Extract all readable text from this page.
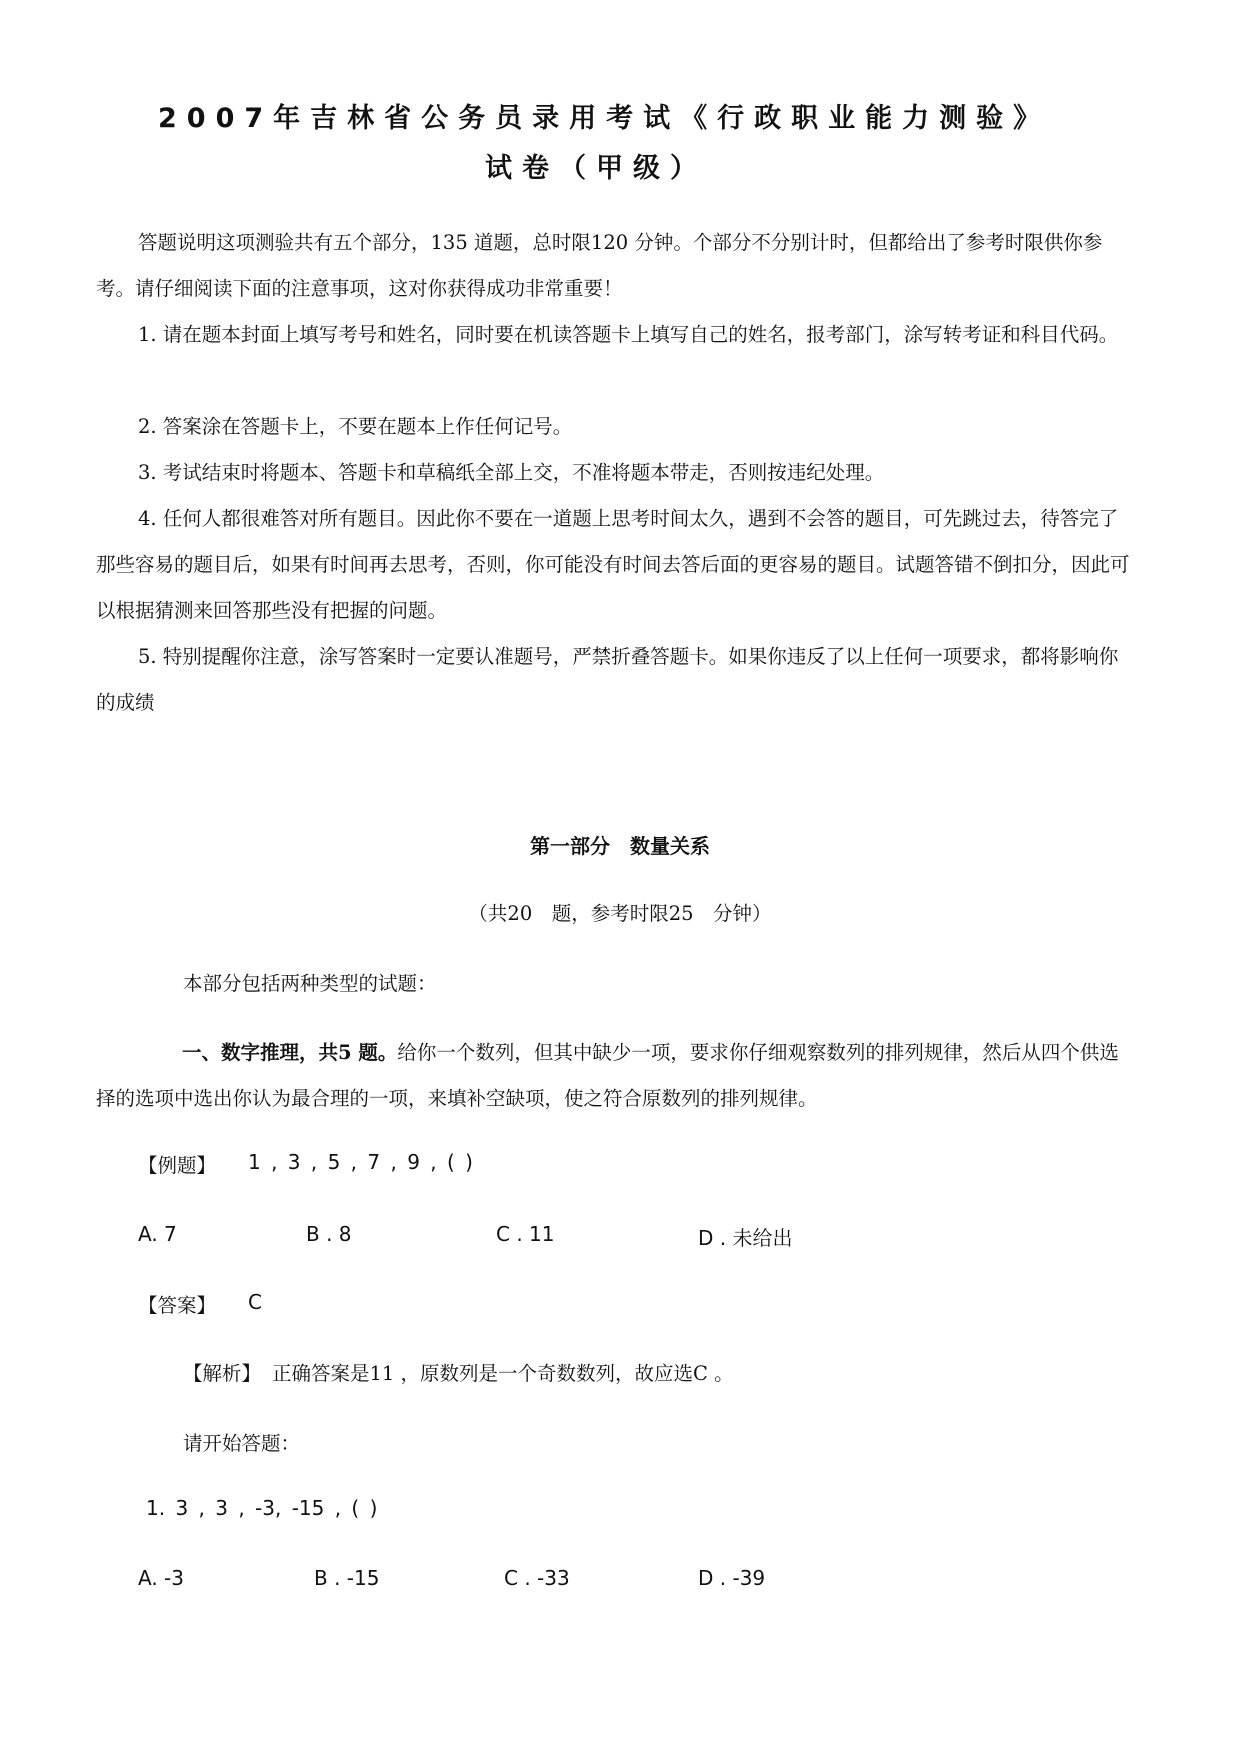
2007年吉林省公务员录用考试《行政职业能力测验》
试卷（甲级）
答题说明这项测验共有五个部分，135 道题，总时限120 分钟。个部分不分别计时，但都给出了参考时限供你参考。请仔细阅读下面的注意事项，这对你获得成功非常重要！
1. 请在题本封面上填写考号和姓名，同时要在机读答题卡上填写自己的姓名，报考部门，涂写转考证和科目代码。
2. 答案涂在答题卡上，不要在题本上作任何记号。
3. 考试结束时将题本、答题卡和草稿纸全部上交，不准将题本带走，否则按违纪处理。
4. 任何人都很难答对所有题目。因此你不要在一道题上思考时间太久，遇到不会答的题目，可先跳过去，待答完了那些容易的题目后，如果有时间再去思考，否则，你可能没有时间去答后面的更容易的题目。试题答错不倒扣分，因此可以根据猜测来回答那些没有把握的问题。
5. 特别提醒你注意，涂写答案时一定要认准题号，严禁折叠答题卡。如果你违反了以上任何一项要求，都将影响你的成绩
第一部分　数量关系
（共20　题，参考时限25　分钟）
本部分包括两种类型的试题：
一、数字推理，共5 题。给你一个数列，但其中缺少一项，要求你仔细观察数列的排列规律，然后从四个供选择的选项中选出你认为最合理的一项，来填补空缺项，使之符合原数列的排列规律。
【例题】 1 , 3 , 5 , 7 , 9 , ( )
A. 7	B . 8	C . 11	D . 未给出
【答案】 C
【解析】 正确答案是11 ，原数列是一个奇数数列，故应选C 。
请开始答题：
1. 3 , 3 , -3, -15 , ( )
A. -3	B . -15	C . -33	D . -39
